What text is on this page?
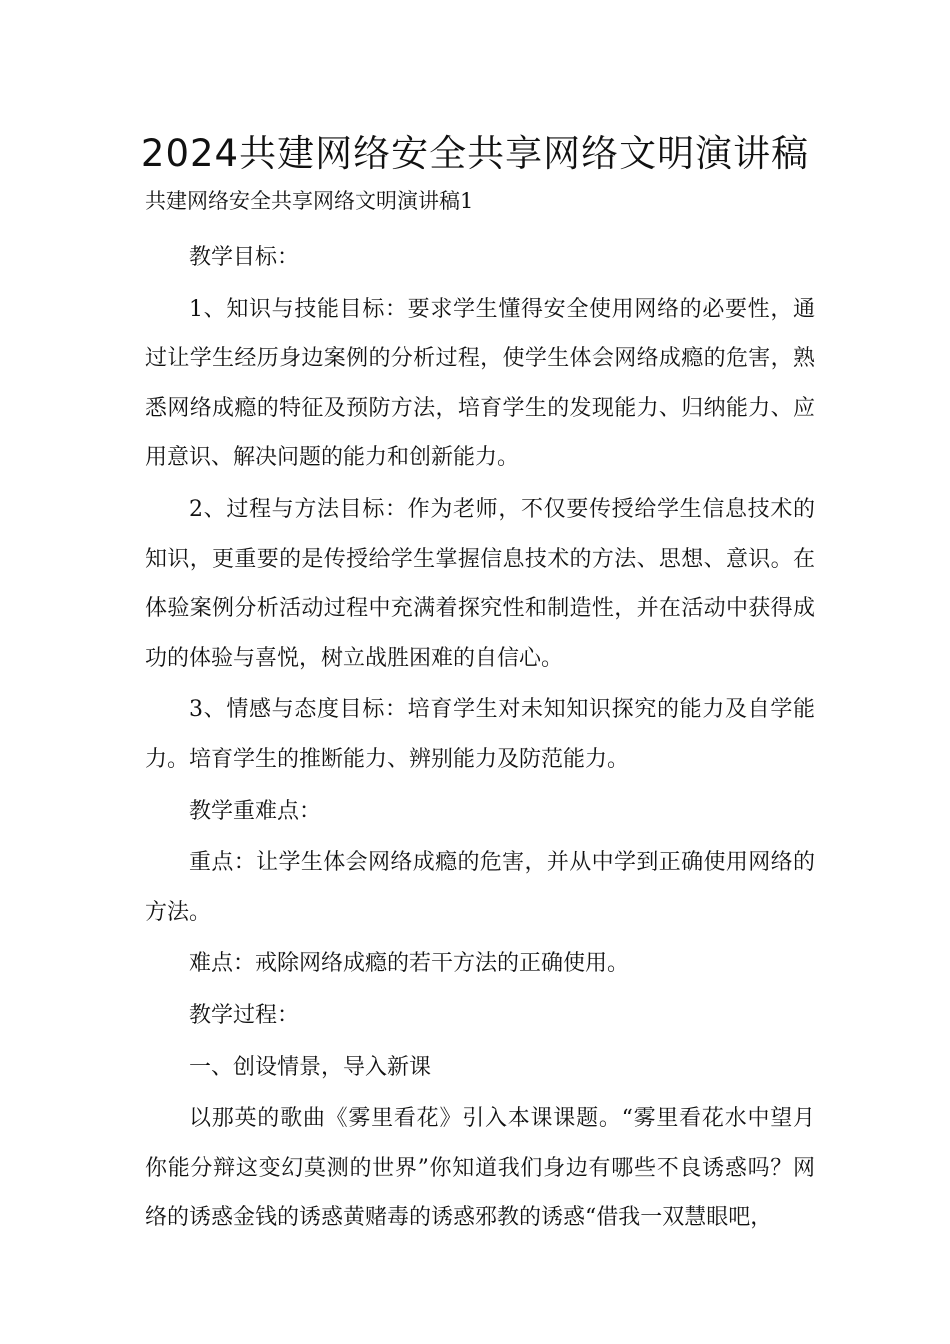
2024共建网络安全共享网络文明演讲稿
共建网络安全共享网络文明演讲稿1

教学目标：

1、知识与技能目标：要求学生懂得安全使用网络的必要性，通过让学生经历身边案例的分析过程，使学生体会网络成瘾的危害，熟悉网络成瘾的特征及预防方法，培育学生的发现能力、归纳能力、应用意识、解决问题的能力和创新能力。

2、过程与方法目标：作为老师，不仅要传授给学生信息技术的知识，更重要的是传授给学生掌握信息技术的方法、思想、意识。在体验案例分析活动过程中充满着探究性和制造性，并在活动中获得成功的体验与喜悦，树立战胜困难的自信心。

3、情感与态度目标：培育学生对未知知识探究的能力及自学能力。培育学生的推断能力、辨别能力及防范能力。

教学重难点：

重点：让学生体会网络成瘾的危害，并从中学到正确使用网络的方法。

难点：戒除网络成瘾的若干方法的正确使用。

教学过程：

一、创设情景，导入新课

以那英的歌曲《雾里看花》引入本课课题。“雾里看花水中望月你能分辩这变幻莫测的世界”你知道我们身边有哪些不良诱惑吗？网络的诱惑金钱的诱惑黄赌毒的诱惑邪教的诱惑“借我一双慧眼吧，
